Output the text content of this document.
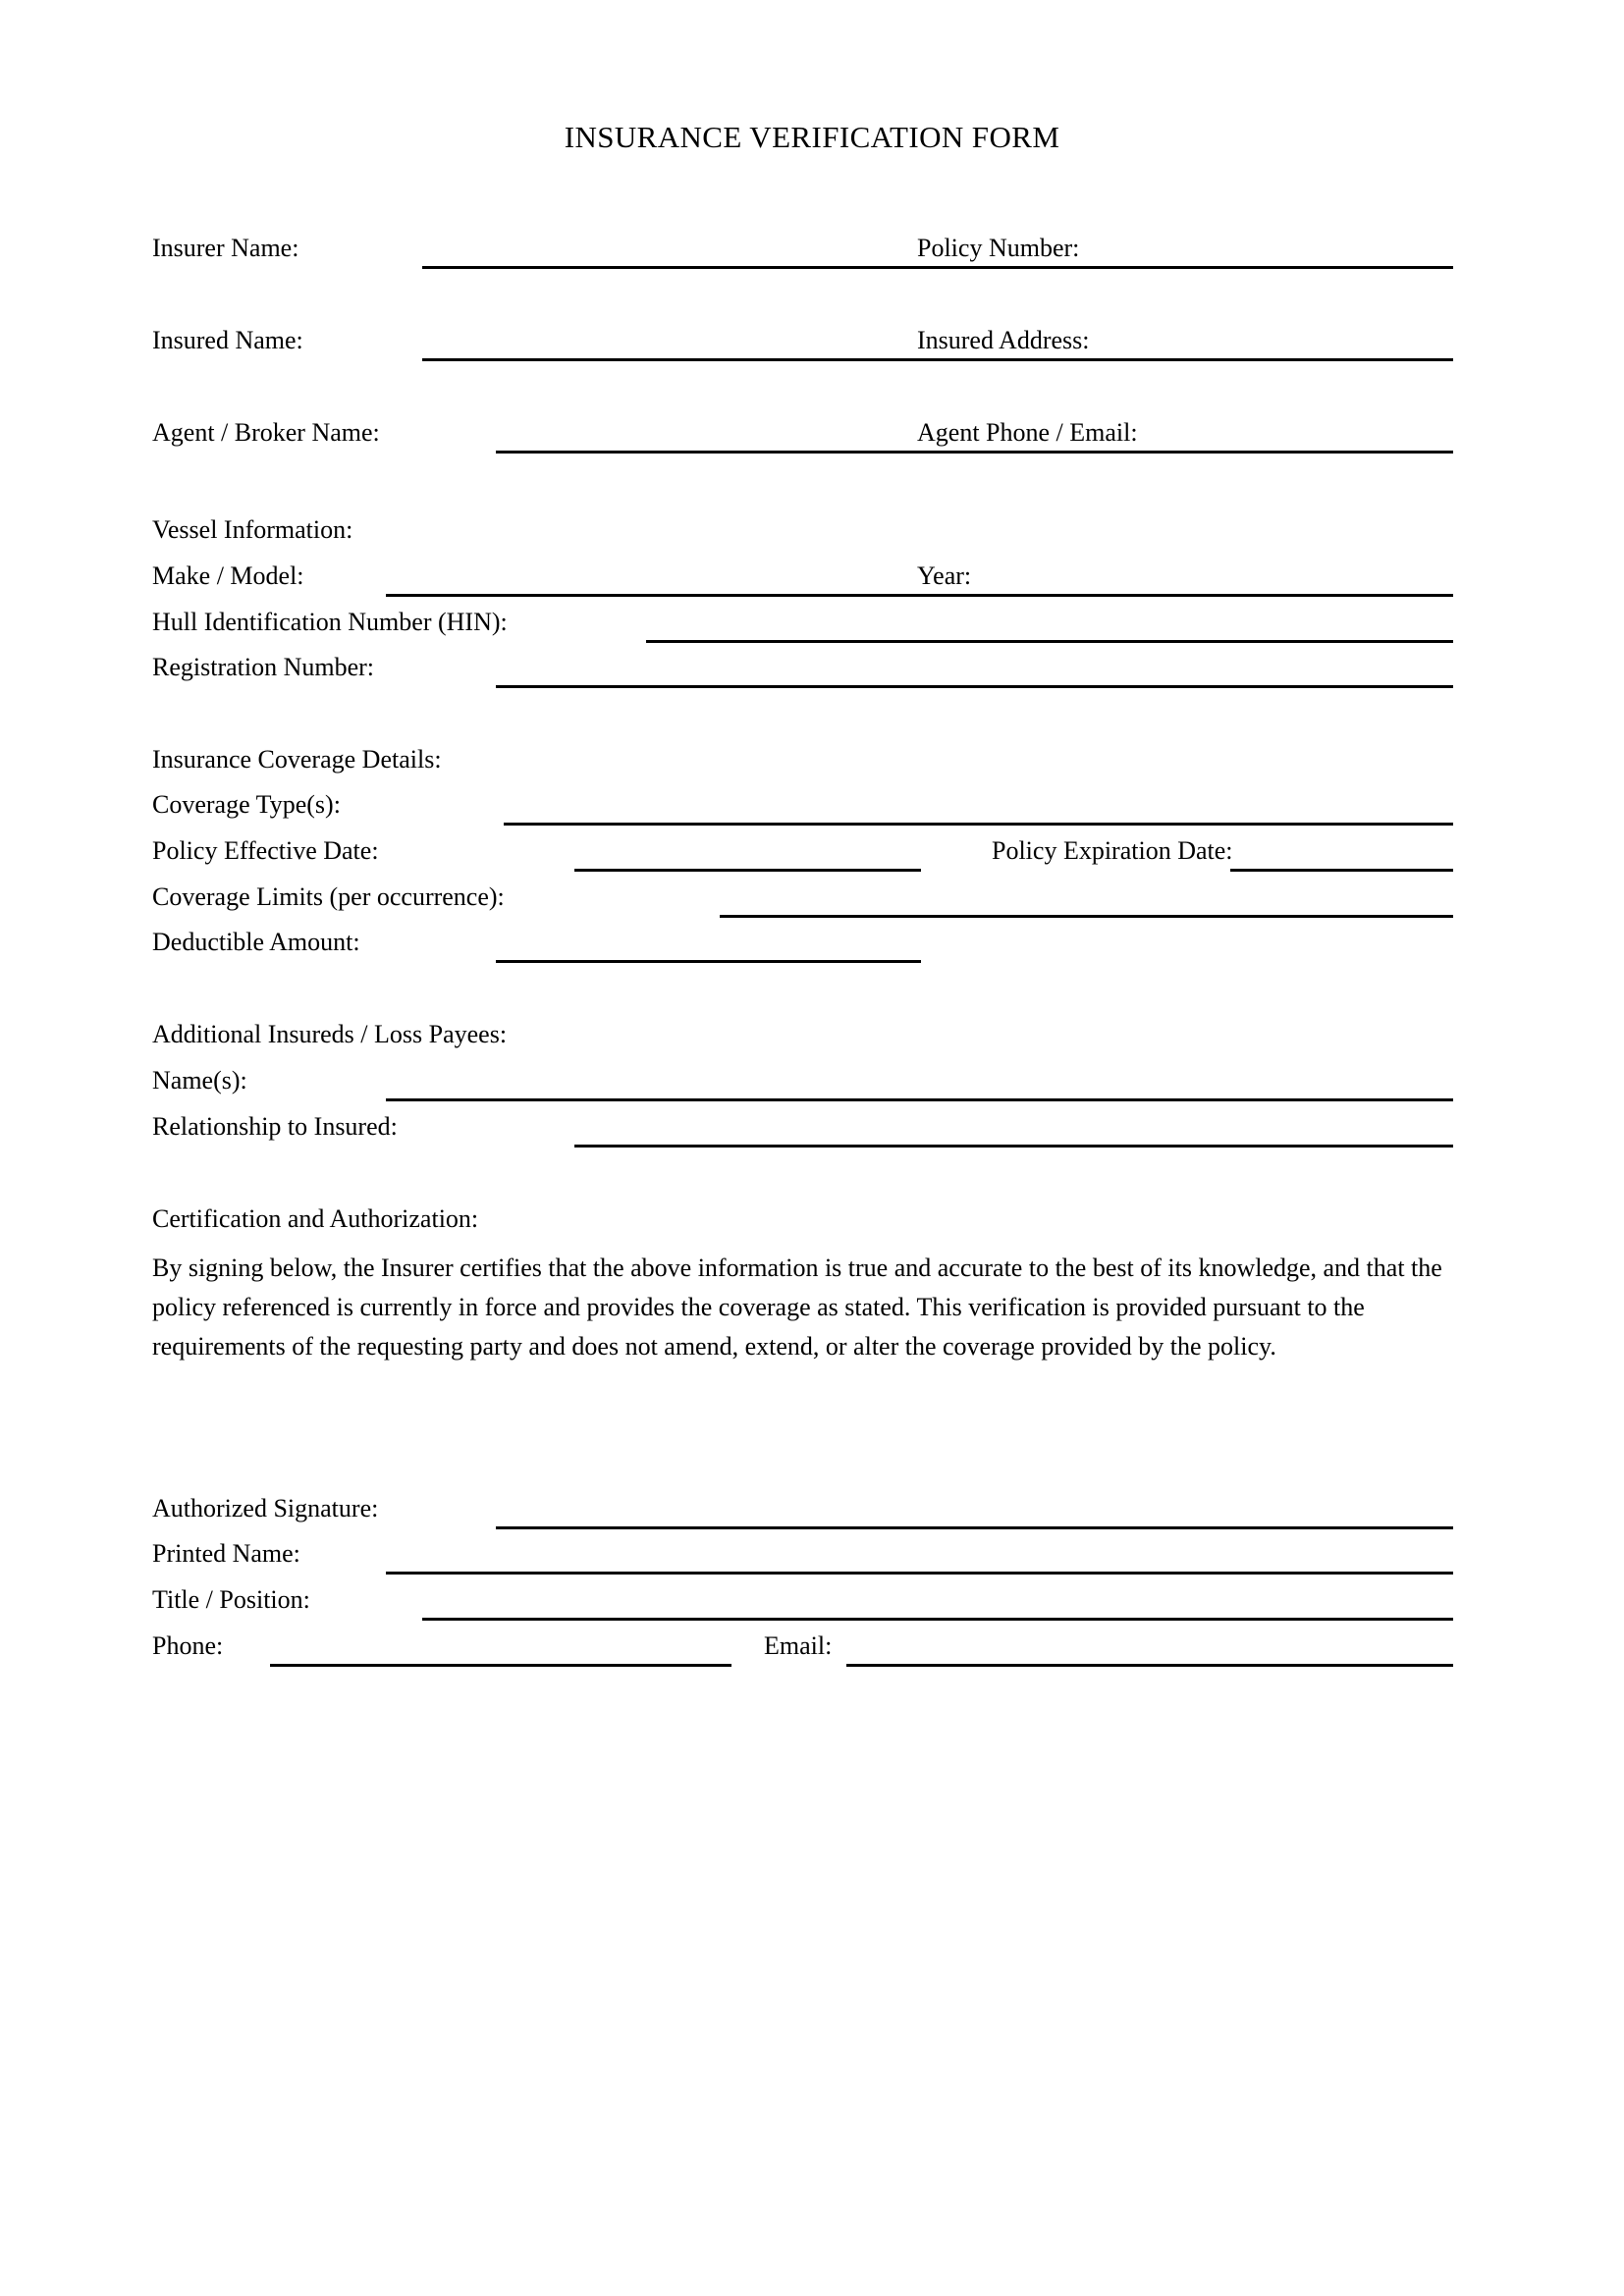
INSURANCE VERIFICATION FORM
Insurer Name:	Policy Number:
Insured Name:	Insured Address:
Agent / Broker Name:	Agent Phone / Email:
Vessel Information:
Make / Model:	Year:
Hull Identification Number (HIN):
Registration Number:
Insurance Coverage Details:
Coverage Type(s):
Policy Effective Date:	Policy Expiration Date:
Coverage Limits (per occurrence):
Deductible Amount:
Additional Insureds / Loss Payees:
Name(s):
Relationship to Insured:
Certification and Authorization:
By signing below, the Insurer certifies that the above information is true and accurate to the best of its knowledge, and that the policy referenced is currently in force and provides the coverage as stated. This verification is provided pursuant to the requirements of the requesting party and does not amend, extend, or alter the coverage provided by the policy.
Authorized Signature:
Printed Name:
Title / Position:
Phone:	Email:
